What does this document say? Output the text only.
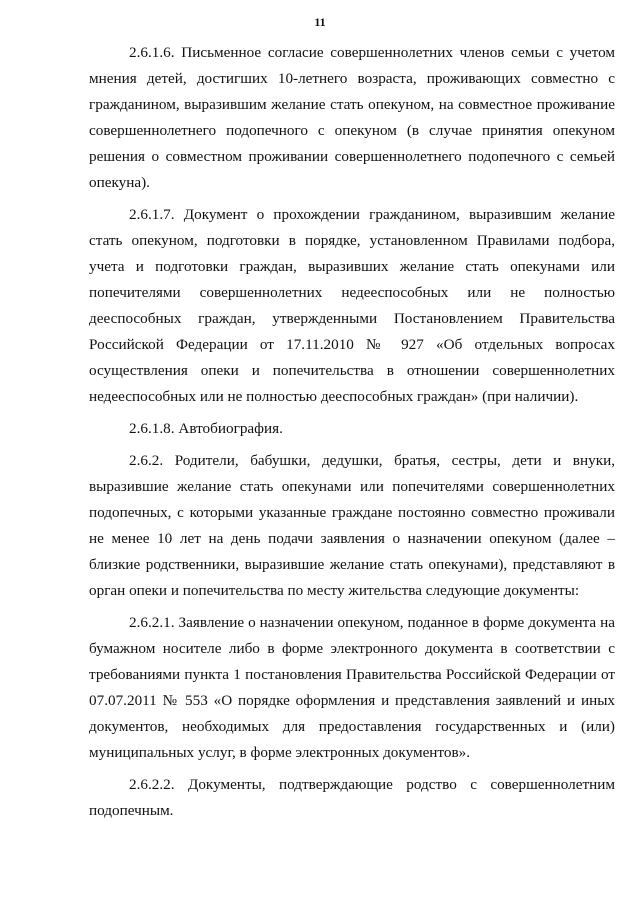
11

2.6.1.6. Письменное согласие совершеннолетних членов семьи с учетом мнения детей, достигших 10-летнего возраста, проживающих совместно с гражданином, выразившим желание стать опекуном, на совместное проживание совершеннолетнего подопечного с опекуном (в случае принятия опекуном решения о совместном проживании совершеннолетнего подопечного с семьей опекуна).

2.6.1.7. Документ о прохождении гражданином, выразившим желание стать опекуном, подготовки в порядке, установленном Правилами подбора, учета и подготовки граждан, выразивших желание стать опекунами или попечителями совершеннолетних недееспособных или не полностью дееспособных граждан, утвержденными Постановлением Правительства Российской Федерации от 17.11.2010 № 927 «Об отдельных вопросах осуществления опеки и попечительства в отношении совершеннолетних недееспособных или не полностью дееспособных граждан» (при наличии).

2.6.1.8. Автобиография.

2.6.2. Родители, бабушки, дедушки, братья, сестры, дети и внуки, выразившие желание стать опекунами или попечителями совершеннолетних подопечных, с которыми указанные граждане постоянно совместно проживали не менее 10 лет на день подачи заявления о назначении опекуном (далее – близкие родственники, выразившие желание стать опекунами), представляют в орган опеки и попечительства по месту жительства следующие документы:

2.6.2.1. Заявление о назначении опекуном, поданное в форме документа на бумажном носителе либо в форме электронного документа в соответствии с требованиями пункта 1 постановления Правительства Российской Федерации от 07.07.2011 № 553 «О порядке оформления и представления заявлений и иных документов, необходимых для предоставления государственных и (или) муниципальных услуг, в форме электронных документов».

2.6.2.2. Документы, подтверждающие родство с совершеннолетним подопечным.
